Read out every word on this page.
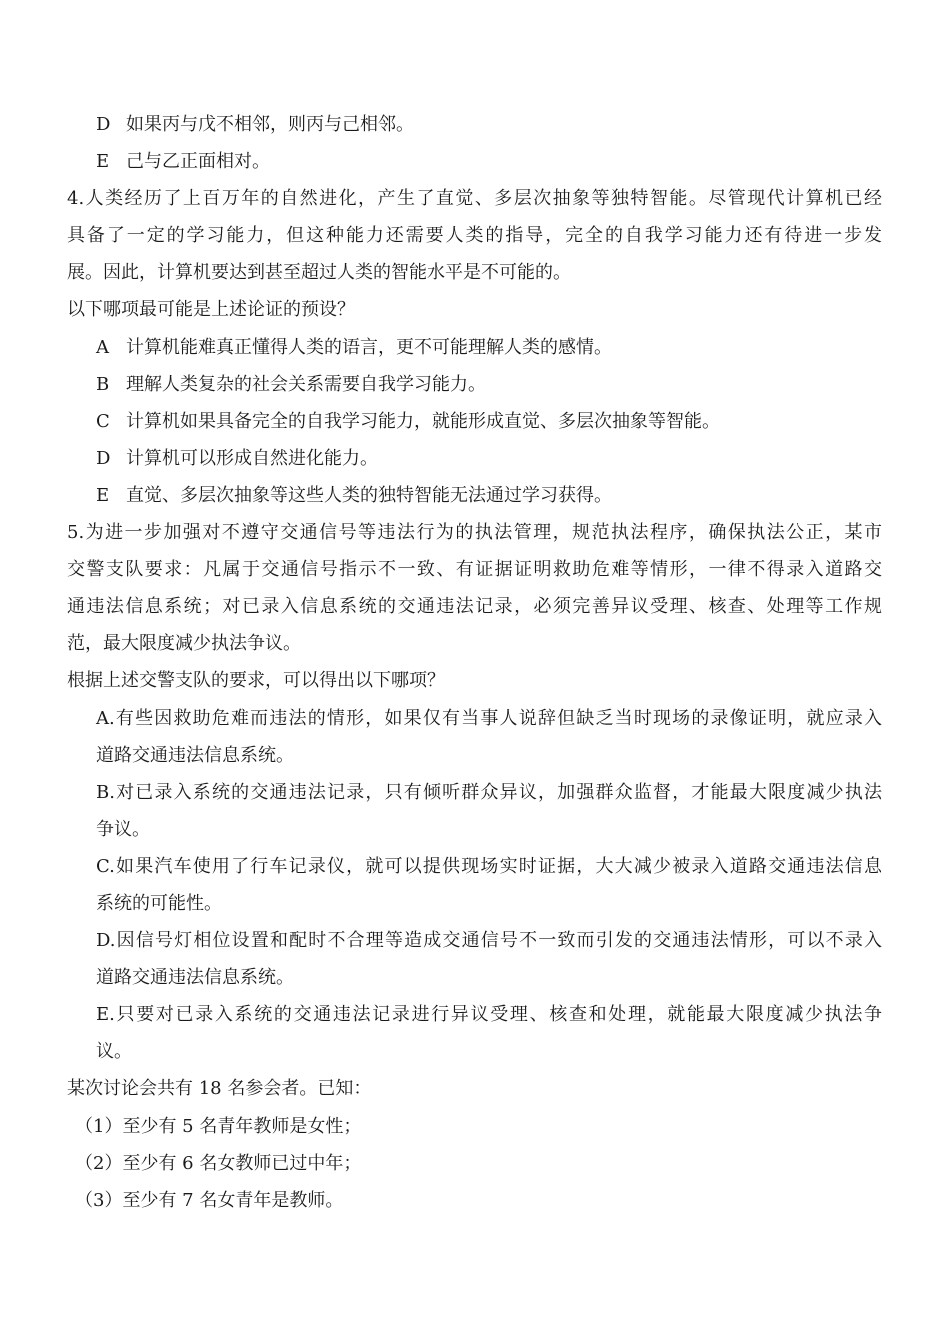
D 如果丙与戊不相邻，则丙与己相邻。
E 己与乙正面相对。
4.人类经历了上百万年的自然进化，产生了直觉、多层次抽象等独特智能。尽管现代计算机已经
具备了一定的学习能力，但这种能力还需要人类的指导，完全的自我学习能力还有待进一步发
展。因此，计算机要达到甚至超过人类的智能水平是不可能的。
以下哪项最可能是上述论证的预设？
A 计算机能难真正懂得人类的语言，更不可能理解人类的感情。
B 理解人类复杂的社会关系需要自我学习能力。
C 计算机如果具备完全的自我学习能力，就能形成直觉、多层次抽象等智能。
D 计算机可以形成自然进化能力。
E 直觉、多层次抽象等这些人类的独特智能无法通过学习获得。
5.为进一步加强对不遵守交通信号等违法行为的执法管理，规范执法程序，确保执法公正，某市
交警支队要求：凡属于交通信号指示不一致、有证据证明救助危难等情形，一律不得录入道路交
通违法信息系统；对已录入信息系统的交通违法记录，必须完善异议受理、核查、处理等工作规
范，最大限度减少执法争议。
根据上述交警支队的要求，可以得出以下哪项？
A.有些因救助危难而违法的情形，如果仅有当事人说辞但缺乏当时现场的录像证明，就应录入
道路交通违法信息系统。
B.对已录入系统的交通违法记录，只有倾听群众异议，加强群众监督，才能最大限度减少执法
争议。
C.如果汽车使用了行车记录仪，就可以提供现场实时证据，大大减少被录入道路交通违法信息
系统的可能性。
D.因信号灯相位设置和配时不合理等造成交通信号不一致而引发的交通违法情形，可以不录入
道路交通违法信息系统。
E.只要对已录入系统的交通违法记录进行异议受理、核查和处理，就能最大限度减少执法争
议。
某次讨论会共有 18 名参会者。已知：
（1）至少有 5 名青年教师是女性；
（2）至少有 6 名女教师已过中年；
（3）至少有 7 名女青年是教师。
